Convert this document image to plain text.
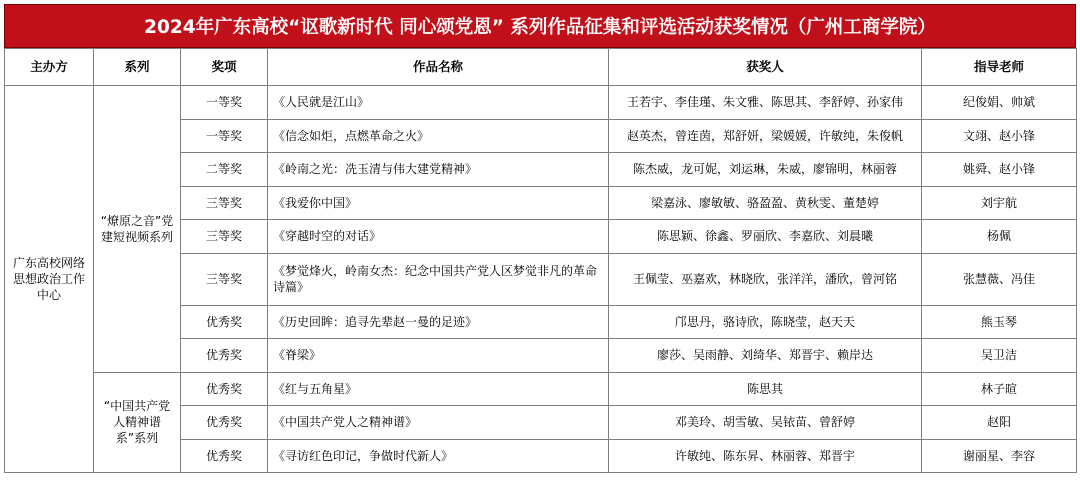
2024年广东高校“讴歌新时代 同心颂党恩” 系列作品征集和评选活动获奖情况（广州工商学院）
主办方	系列	奖项	作品名称	获奖人	指导老师
广东高校网络思想政治工作中心	“燎原之音”党建短视频系列	一等奖	《人民就是江山》	王若宇、李佳瑾、朱文雅、陈思其、李舒婷、孙家伟	纪俊娟、帅斌
		一等奖	《信念如炬，点燃革命之火》	赵英杰，曾连茵，郑舒妍，梁媛媛，许敏纯，朱俊帆	文翊、赵小锋
		二等奖	《岭南之光：冼玉清与伟大建党精神》	陈杰威，龙可妮，刘运琳，朱威，廖锦明，林丽蓉	姚舜、赵小锋
		三等奖	《我爱你中国》	梁嘉泳、廖敏敏、骆盈盈、黄秋雯、董楚婷	刘宇航
		三等奖	《穿越时空的对话》	陈思颖、徐鑫、罗丽欣、李嘉欣、刘晨曦	杨佩
		三等奖	《梦觉烽火，岭南女杰：纪念中国共产党人区梦觉非凡的革命诗篇》	王佩莹、巫嘉欢，林晓欣，张洋洋，潘欣，曾河铭	张慧薇、冯佳
		优秀奖	《历史回眸：追寻先辈赵一曼的足迹》	邝思丹，骆诗欣，陈晓莹，赵天天	熊玉琴
		优秀奖	《脊梁》	廖莎、吴雨静、刘绮华、郑晋宇、赖岸达	吴卫洁
	“中国共产党人精神谱系”系列	优秀奖	《红与五角星》	陈思其	林子暄
		优秀奖	《中国共产党人之精神谱》	邓美玲、胡雪敏、吴铱苗、曾舒婷	赵阳
		优秀奖	《寻访红色印记，争做时代新人》	许敏纯、陈东昇、林丽蓉、郑晋宇	谢丽星、李容
